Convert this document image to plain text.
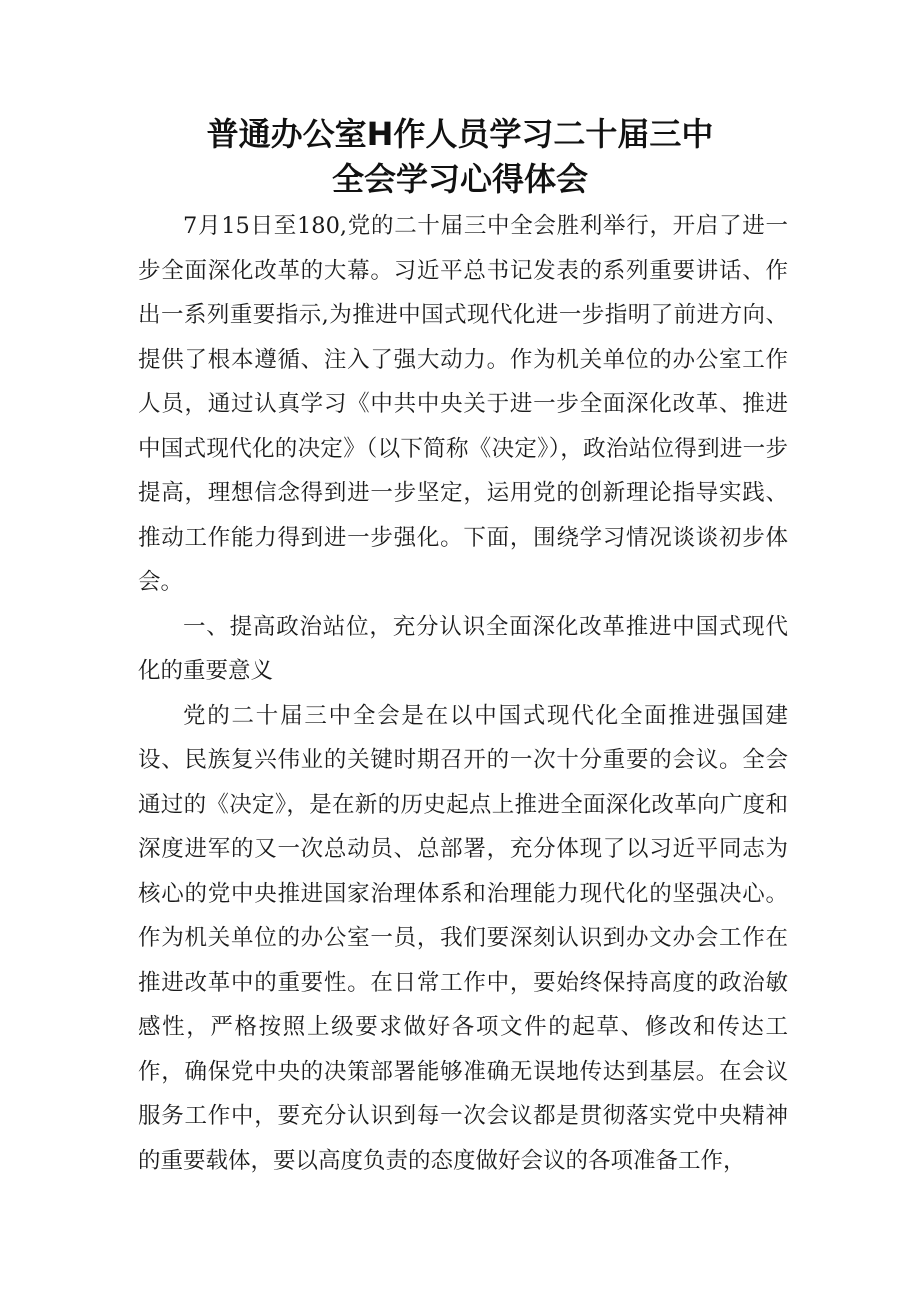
普通办公室H作人员学习二十届三中
全会学习心得体会

7月15日至180,党的二十届三中全会胜利举行，开启了进一步全面深化改革的大幕。习近平总书记发表的系列重要讲话、作出一系列重要指示,为推进中国式现代化进一步指明了前进方向、提供了根本遵循、注入了强大动力。作为机关单位的办公室工作人员，通过认真学习《中共中央关于进一步全面深化改革、推进中国式现代化的决定》（以下简称《决定》），政治站位得到进一步提高，理想信念得到进一步坚定，运用党的创新理论指导实践、推动工作能力得到进一步强化。下面，围绕学习情况谈谈初步体会。

一、提高政治站位，充分认识全面深化改革推进中国式现代化的重要意义

党的二十届三中全会是在以中国式现代化全面推进强国建设、民族复兴伟业的关键时期召开的一次十分重要的会议。全会通过的《决定》，是在新的历史起点上推进全面深化改革向广度和深度进军的又一次总动员、总部署，充分体现了以习近平同志为核心的党中央推进国家治理体系和治理能力现代化的坚强决心。作为机关单位的办公室一员，我们要深刻认识到办文办会工作在推进改革中的重要性。在日常工作中，要始终保持高度的政治敏感性，严格按照上级要求做好各项文件的起草、修改和传达工作，确保党中央的决策部署能够准确无误地传达到基层。在会议服务工作中，要充分认识到每一次会议都是贯彻落实党中央精神的重要载体，要以高度负责的态度做好会议的各项准备工作，
